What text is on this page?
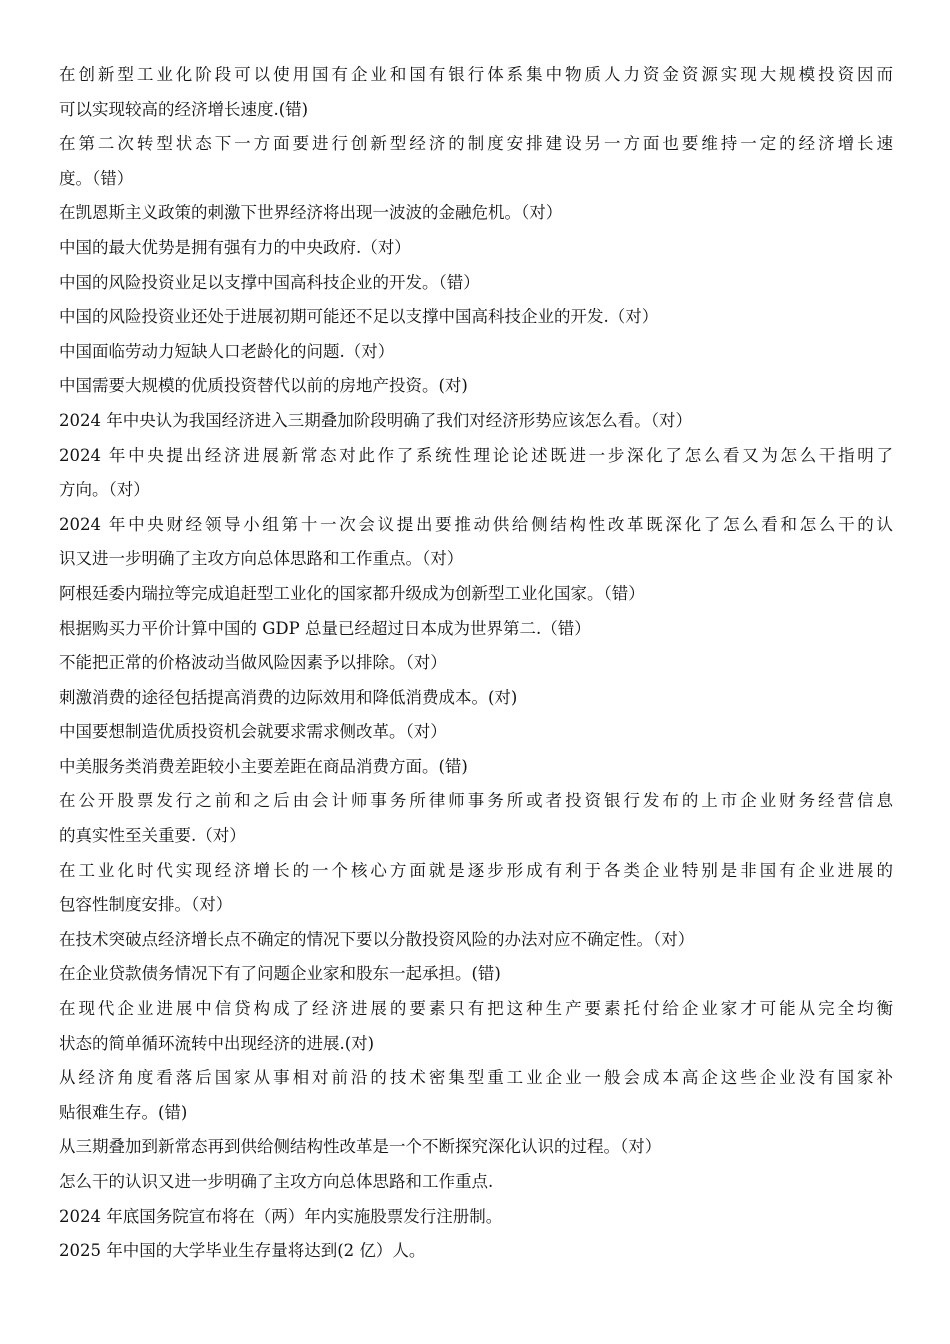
在创新型工业化阶段可以使用国有企业和国有银行体系集中物质人力资金资源实现大规模投资因而
可以实现较高的经济增长速度.(错)
在第二次转型状态下一方面要进行创新型经济的制度安排建设另一方面也要维持一定的经济增长速
度。（错）
在凯恩斯主义政策的刺激下世界经济将出现一波波的金融危机。（对）
中国的最大优势是拥有强有力的中央政府.（对）
中国的风险投资业足以支撑中国高科技企业的开发。（错）
中国的风险投资业还处于进展初期可能还不足以支撑中国高科技企业的开发.（对）
中国面临劳动力短缺人口老龄化的问题.（对）
中国需要大规模的优质投资替代以前的房地产投资。(对)
2024 年中央认为我国经济进入三期叠加阶段明确了我们对经济形势应该怎么看。（对）
2024 年中央提出经济进展新常态对此作了系统性理论论述既进一步深化了怎么看又为怎么干指明了
方向。（对）
2024 年中央财经领导小组第十一次会议提出要推动供给侧结构性改革既深化了怎么看和怎么干的认
识又进一步明确了主攻方向总体思路和工作重点。（对）
阿根廷委内瑞拉等完成追赶型工业化的国家都升级成为创新型工业化国家。（错）
根据购买力平价计算中国的 GDP 总量已经超过日本成为世界第二.（错）
不能把正常的价格波动当做风险因素予以排除。（对）
刺激消费的途径包括提高消费的边际效用和降低消费成本。(对)
中国要想制造优质投资机会就要求需求侧改革。（对）
中美服务类消费差距较小主要差距在商品消费方面。(错)
在公开股票发行之前和之后由会计师事务所律师事务所或者投资银行发布的上市企业财务经营信息
的真实性至关重要.（对）
在工业化时代实现经济增长的一个核心方面就是逐步形成有利于各类企业特别是非国有企业进展的
包容性制度安排。（对）
在技术突破点经济增长点不确定的情况下要以分散投资风险的办法对应不确定性。（对）
在企业贷款债务情况下有了问题企业家和股东一起承担。(错)
在现代企业进展中信贷构成了经济进展的要素只有把这种生产要素托付给企业家才可能从完全均衡
状态的简单循环流转中出现经济的进展.(对)
从经济角度看落后国家从事相对前沿的技术密集型重工业企业一般会成本高企这些企业没有国家补
贴很难生存。(错)
从三期叠加到新常态再到供给侧结构性改革是一个不断探究深化认识的过程。（对）
怎么干的认识又进一步明确了主攻方向总体思路和工作重点.
2024 年底国务院宣布将在（两）年内实施股票发行注册制。
2025 年中国的大学毕业生存量将达到(2 亿）人。
